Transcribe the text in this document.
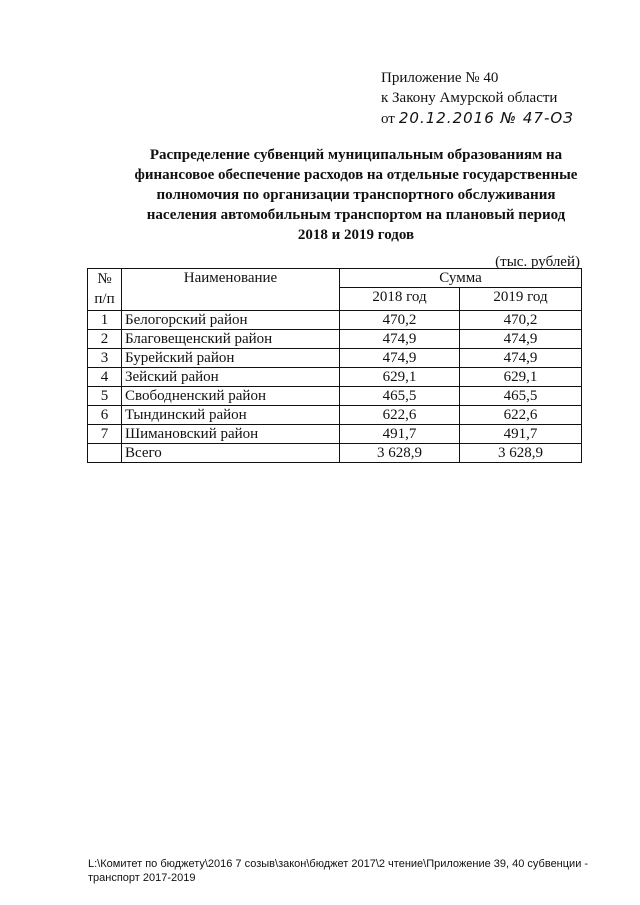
Приложение № 40
к Закону Амурской области
от 20.12.2016 № 47-ОЗ
Распределение субвенций муниципальным образованиям на
финансовое обеспечение расходов на отдельные государственные
полномочия по организации транспортного обслуживания
населения автомобильным транспортом на плановый период
2018 и 2019 годов
(тыс. рублей)
№ п/п	Наименование	Сумма	
		2018 год	2019 год
1	Белогорский район	470,2	470,2
2	Благовещенский район	474,9	474,9
3	Бурейский район	474,9	474,9
4	Зейский район	629,1	629,1
5	Свободненский район	465,5	465,5
6	Тындинский район	622,6	622,6
7	Шимановский район	491,7	491,7
	Всего	3 628,9	3 628,9
L:\Комитет по бюджету\2016 7 созыв\закон\бюджет 2017\2 чтение\Приложение 39, 40 субвенции - транспорт 2017-2019
